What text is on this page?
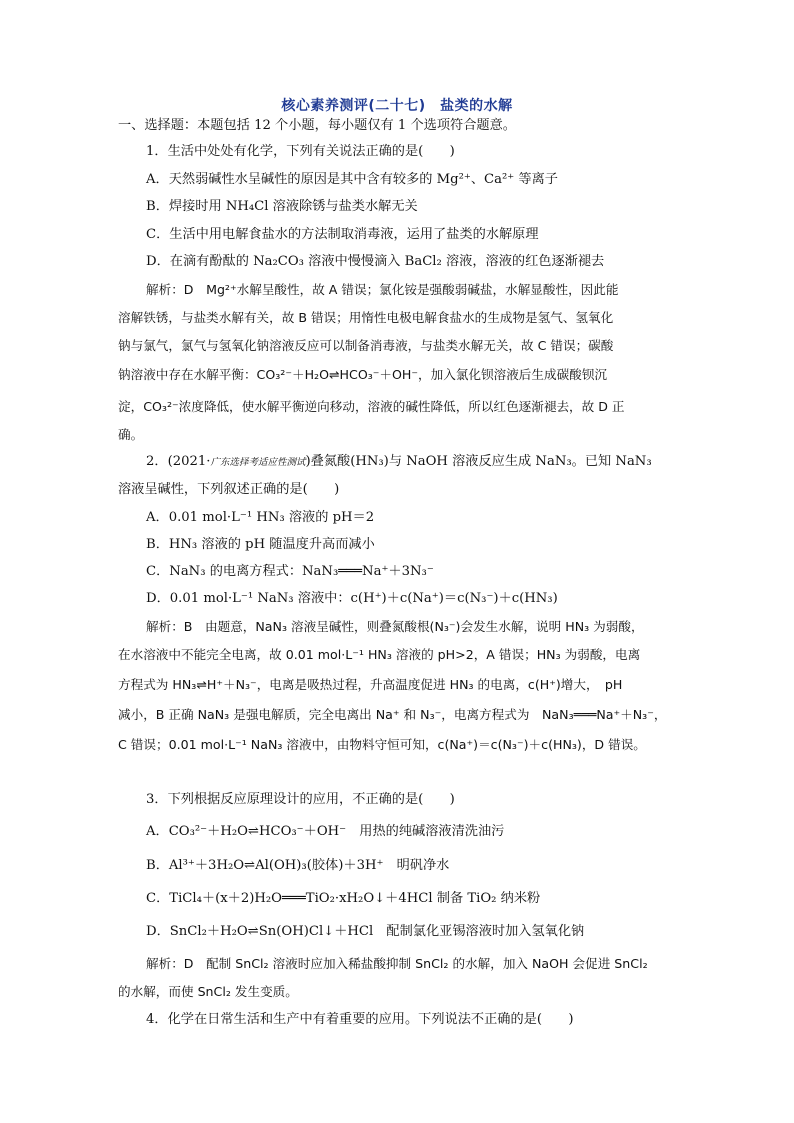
核心素养测评(二十七)　盐类的水解
一、选择题：本题包括 12 个小题，每小题仅有 1 个选项符合题意。
1．生活中处处有化学，下列有关说法正确的是(　　)
A．天然弱碱性水呈碱性的原因是其中含有较多的 Mg²⁺、Ca²⁺ 等离子
B．焊接时用 NH₄Cl 溶液除锈与盐类水解无关
C．生活中用电解食盐水的方法制取消毒液，运用了盐类的水解原理
D．在滴有酚酞的 Na₂CO₃ 溶液中慢慢滴入 BaCl₂ 溶液，溶液的红色逐渐褪去
解析：D　Mg²⁺水解呈酸性，故 A 错误；氯化铵是强酸弱碱盐，水解显酸性，因此能
溶解铁锈，与盐类水解有关，故 B 错误；用惰性电极电解食盐水的生成物是氢气、氢氧化
钠与氯气，氯气与氢氧化钠溶液反应可以制备消毒液，与盐类水解无关，故 C 错误；碳酸
钠溶液中存在水解平衡：CO₃²⁻＋H₂O⇌HCO₃⁻＋OH⁻，加入氯化钡溶液后生成碳酸钡沉
淀，CO₃²⁻浓度降低，使水解平衡逆向移动，溶液的碱性降低，所以红色逐渐褪去，故 D 正
确。
2．(2021·广东选择考适应性测试)叠氮酸(HN₃)与 NaOH 溶液反应生成 NaN₃。已知 NaN₃
溶液呈碱性，下列叙述正确的是(　　)
A．0.01 mol·L⁻¹ HN₃ 溶液的 pH＝2
B．HN₃ 溶液的 pH 随温度升高而减小
C．NaN₃ 的电离方程式：NaN₃═══Na⁺＋3N₃⁻
D．0.01 mol·L⁻¹ NaN₃ 溶液中：c(H⁺)＋c(Na⁺)＝c(N₃⁻)＋c(HN₃)
解析：B　由题意，NaN₃ 溶液呈碱性，则叠氮酸根(N₃⁻)会发生水解，说明 HN₃ 为弱酸，
在水溶液中不能完全电离，故 0.01 mol·L⁻¹ HN₃ 溶液的 pH>2，A 错误；HN₃ 为弱酸，电离
方程式为 HN₃⇌H⁺＋N₃⁻，电离是吸热过程，升高温度促进 HN₃ 的电离，c(H⁺)增大，　pH
减小，B 正确 NaN₃ 是强电解质，完全电离出 Na⁺ 和 N₃⁻，电离方程式为　NaN₃═══Na⁺＋N₃⁻，
C 错误；0.01 mol·L⁻¹ NaN₃ 溶液中，由物料守恒可知，c(Na⁺)＝c(N₃⁻)＋c(HN₃)，D 错误。
3．下列根据反应原理设计的应用，不正确的是(　　)
A．CO₃²⁻＋H₂O⇌HCO₃⁻＋OH⁻　用热的纯碱溶液清洗油污
B．Al³⁺＋3H₂O⇌Al(OH)₃(胶体)＋3H⁺　明矾净水
C．TiCl₄＋(x＋2)H₂O═══TiO₂·xH₂O↓＋4HCl 制备 TiO₂ 纳米粉
D．SnCl₂＋H₂O⇌Sn(OH)Cl↓＋HCl　配制氯化亚锡溶液时加入氢氧化钠
解析：D　配制 SnCl₂ 溶液时应加入稀盐酸抑制 SnCl₂ 的水解，加入 NaOH 会促进 SnCl₂
的水解，而使 SnCl₂ 发生变质。
4．化学在日常生活和生产中有着重要的应用。下列说法不正确的是(　　)
